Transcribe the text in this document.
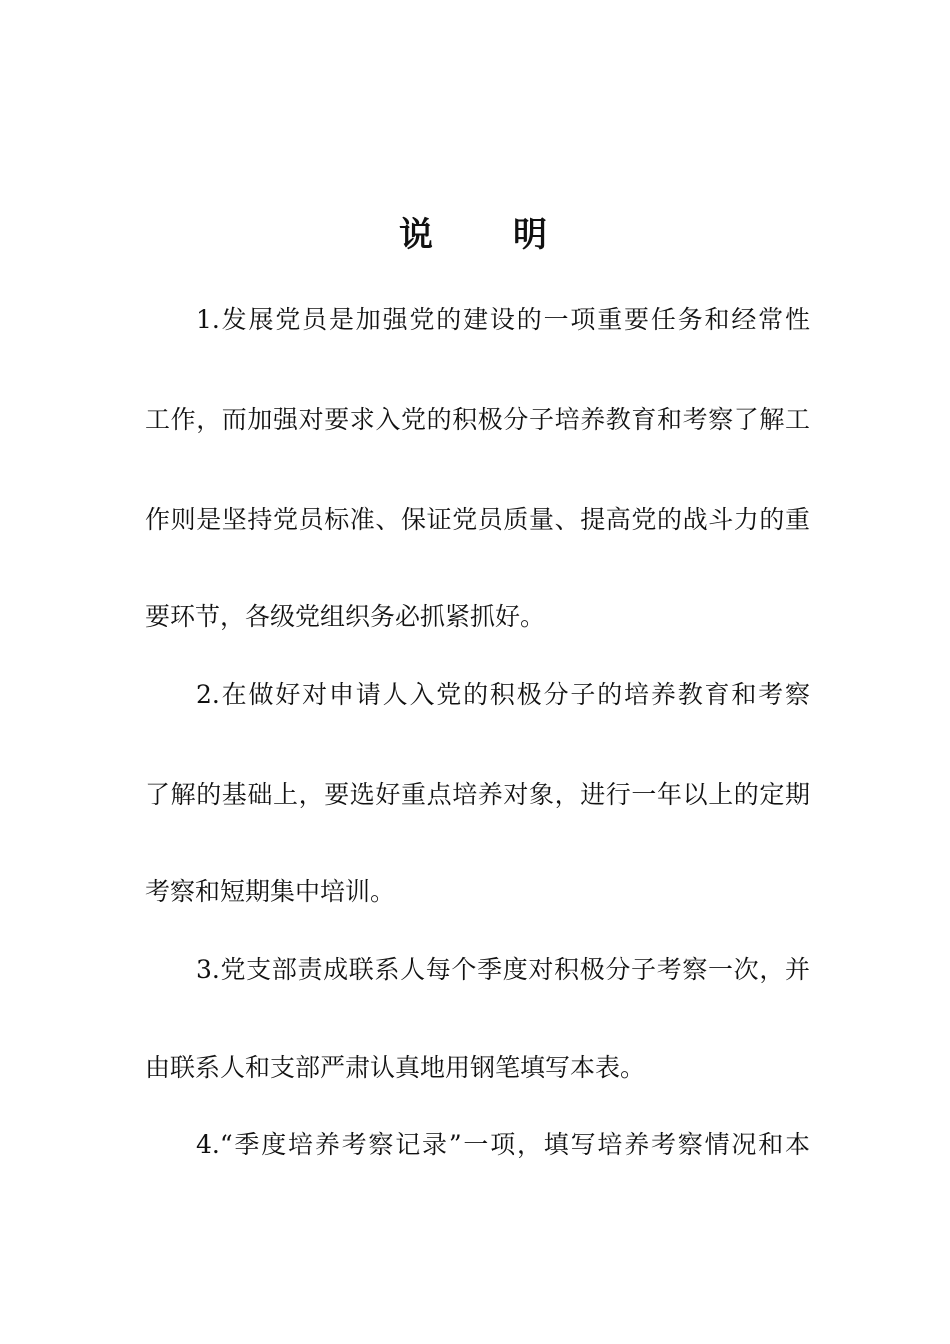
说　　明
1.发展党员是加强党的建设的一项重要任务和经常性
工作，而加强对要求入党的积极分子培养教育和考察了解工
作则是坚持党员标准、保证党员质量、提高党的战斗力的重
要环节，各级党组织务必抓紧抓好。
2.在做好对申请人入党的积极分子的培养教育和考察
了解的基础上，要选好重点培养对象，进行一年以上的定期
考察和短期集中培训。
3.党支部责成联系人每个季度对积极分子考察一次，并
由联系人和支部严肃认真地用钢笔填写本表。
4.“季度培养考察记录”一项，填写培养考察情况和本
